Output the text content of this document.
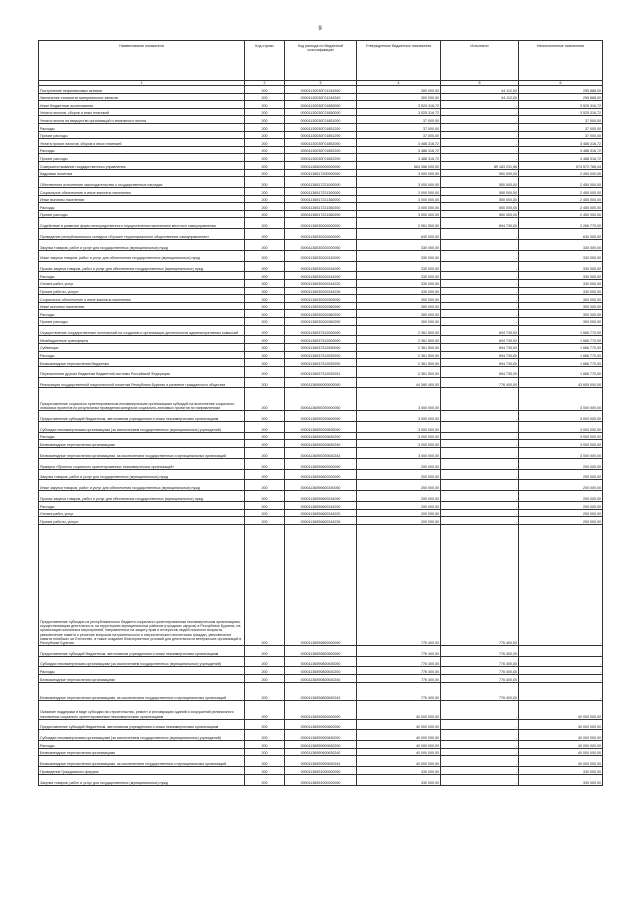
9
Наименование показателя	Код строки	Код расхода по бюджетной классификации	Утвержденные бюджетные назначения	Исполнено	Неисполненные назначения
1	2	3	4	5	6
Поступление нефинансовых активов	200	00001130030Г01244300	300 000,00	44 112,00	255 888,00
Увеличение стоимости материальных запасов	200	00001130030Г01244340	300 000,00	44 112,00	255 888,00
Иные бюджетные ассигнования	200	00001130030Г01850000	3 525 316,72	-	3 525 316,72
Уплата налогов, сборов и иных платежей	200	00001130030Г01850000	3 525 316,72	-	3 525 316,72
Уплата налога на имущество организаций и земельного налога	200	00001130030Г01851000	37 000,00	-	37 000,00
Расходы	200	00001130030Г01851200	37 000,00	-	37 000,00
Прочие расходы	200	00001130030Г01851290	37 000,00	-	37 000,00
Уплата прочих налогов, сборов и иных платежей	200	00001130030Г01852000	3 488 316,72	-	3 488 316,72
Расходы	200	00001130030Г01852200	3 488 316,72	-	3 488 316,72
Прочие расходы	200	00001130030Г01852290	3 488 316,72	-	3 488 316,72
Совершенствование государственного управления	200	00001136500000000000	664 356 000,00	89 183 231,56	574 572 768,44
Кадровая политика	200	00001136517200000000	3 000 000,00	550 000,00	2 450 000,00
Обеспечение исполнения законодательства о государственных наградах	200	00001136517221000000	3 000 000,00	550 000,00	2 450 000,00
Социальное обеспечение и иные выплаты населению	200	00001136517221300000	3 000 000,00	550 000,00	2 450 000,00
Иные выплаты населению	200	00001136517221360000	3 000 000,00	550 000,00	2 450 000,00
Расходы	200	00001136517221360200	3 000 000,00	550 000,00	2 450 000,00
Прочие расходы	200	00001136517221360290	3 000 000,00	550 000,00	2 450 000,00
Содействие в развитии форм непосредственного осуществления населением местного самоуправления	200	00001136530000000000	2 961 500,00	694 730,00	2 266 770,00
Проведение республиканского конкурса «Лучшее территориальное общественное самоуправление»	200	00001136530200000000	630 000,00	-	630 000,00
Закупка товаров, работ и услуг для государственных (муниципальных) нужд	200	00001136530200200000	330 000,00	-	330 000,00
Иные закупки товаров, работ и услуг для обеспечения государственных (муниципальных) нужд	200	00001136530200240000	330 000,00	-	330 000,00
Прочая закупка товаров, работ и услуг для обеспечения государственных (муниципальных) нужд	200	00001136530200244000	330 000,00	-	330 000,00
Расходы	200	00001136530200244200	330 000,00	-	330 000,00
Оплата работ, услуг	200	00001136530200244220	330 000,00	-	330 000,00
Прочие работы, услуги	200	00001136530200244226	330 000,00	-	330 000,00
Социальное обеспечение и иные выплаты населению	200	00001136530200300000	300 000,00	-	300 000,00
Иные выплаты населению	200	00001136530200360000	300 000,00	-	300 000,00
Расходы	200	00001136530200360200	300 000,00	-	300 000,00
Прочие расходы	200	00001136530200360290	300 000,00	-	300 000,00
Осуществление государственных полномочий по созданию и организации деятельности административных комиссий	200	00001136537312000000	2 361 500,00	694 730,00	1 666 770,00
Межбюджетные трансферты	200	00001136537312500000	2 361 500,00	694 730,00	1 666 770,00
Субвенции	200	00001136537312530000	2 361 500,00	694 730,00	1 666 770,00
Расходы	200	00001136537312530200	2 361 500,00	694 730,00	1 666 770,00
Безвозмездные перечисления бюджетам	200	00001136537312530250	2 361 500,00	694 730,00	1 666 770,00
Перечисления другим бюджетам бюджетной системы Российской Федерации	200	00001136537312530251	2 361 500,00	694 730,00	1 666 770,00
Реализация государственной национальной политики Республики Бурятия и развитие гражданского общества	200	00001136590000000000	44 380 400,00	776 400,00	43 605 000,00
Предоставление социально ориентированным некоммерческим организациям субсидий на выполнение социально-значимых проектов по результатам проведения конкурсов социально-значимых проектов по направлениям	200	00001136590200000000	3 000 000,00	-	3 000 000,00
Предоставление субсидий бюджетным, автономным учреждениям и иным некоммерческим организациям	200	00001136590200600000	3 000 000,00	-	3 000 000,00
Субсидии некоммерческим организациям (за исключением государственных (муниципальных) учреждений)	200	00001136590200630000	3 000 000,00	-	3 000 000,00
Расходы	200	00001136590200630200	3 000 000,00	-	3 000 000,00
Безвозмездные перечисления организациям	200	00001136590200630240	3 000 000,00	-	3 000 000,00
Безвозмездные перечисления организациям, за исключением государственных и муниципальных организаций	200	00001136590200630242	3 000 000,00	-	3 000 000,00
Ярмарка «Проекты социально ориентированных некоммерческих организаций»	200	00001136590600000000	200 000,00	-	200 000,00
Закупка товаров, работ и услуг для государственных (муниципальных) нужд	200	00001136590600200000	200 000,00	-	200 000,00
Иные закупки товаров, работ и услуг для обеспечения государственных (муниципальных) нужд	200	00001136590600240000	200 000,00	-	200 000,00
Прочая закупка товаров, работ и услуг для обеспечения государственных (муниципальных) нужд	200	00001136590600244000	200 000,00	-	200 000,00
Расходы	200	00001136590600244200	200 000,00	-	200 000,00
Оплата работ, услуг	200	00001136590600244220	200 000,00	-	200 000,00
Прочие работы, услуги	200	00001136590600244226	200 000,00	-	200 000,00
Предоставление субсидии из республиканского бюджета социально ориентированным некоммерческим организациям, осуществляющим деятельность на территориях муниципальных районов (городских округов) в Республике Бурятия, на организацию комплекса мероприятий, направленных на защиту прав и интересов людей пожилого возраста, увековечение памяти и решение вопросов патриотического и патриотического воспитания граждан, увековечение памяти погибших за Отечество, а также создание благоприятных условий для деятельности ветеранских организаций в Республике Бурятия	200	00001136590800000000	776 400,00	776 400,00	-
Предоставление субсидий бюджетным, автономным учреждениям и иным некоммерческим организациям	200	00001136590800600000	776 400,00	776 400,00	-
Субсидии некоммерческим организациям (за исключением государственных (муниципальных) учреждений)	200	00001136590800630000	776 400,00	776 400,00	-
Расходы	200	00001136590800630200	776 400,00	776 400,00	-
Безвозмездные перечисления организациям	200	00001136590800630240	776 400,00	776 400,00	-
Безвозмездные перечисления организациям, за исключением государственных и муниципальных организаций	200	00001136590800630242	776 400,00	776 400,00	-
Оказание поддержки в виде субсидии на строительство, ремонт и реставрацию зданий и сооружений религиозного назначения социально ориентированным некоммерческим организациям	200	00001136590900000000	40 000 000,00	-	40 000 000,00
Предоставление субсидий бюджетным, автономным учреждениям и иным некоммерческим организациям	200	00001136590900600000	40 000 000,00	-	40 000 000,00
Субсидии некоммерческим организациям (за исключением государственных (муниципальных) учреждений)	200	00001136590900630000	40 000 000,00	-	40 000 000,00
Расходы	200	00001136590900630200	40 000 000,00	-	40 000 000,00
Безвозмездные перечисления организациям	200	00001136590900630240	40 000 000,00	-	40 000 000,00
Безвозмездные перечисления организациям, за исключением государственных и муниципальных организаций	200	00001136590900630242	40 000 000,00	-	40 000 000,00
Проведение Гражданского форума	200	00001136591000000000	330 000,00	-	330 000,00
Закупка товаров, работ и услуг для государственных (муниципальных) нужд	200	00001136591000200000	330 000,00	-	330 000,00
